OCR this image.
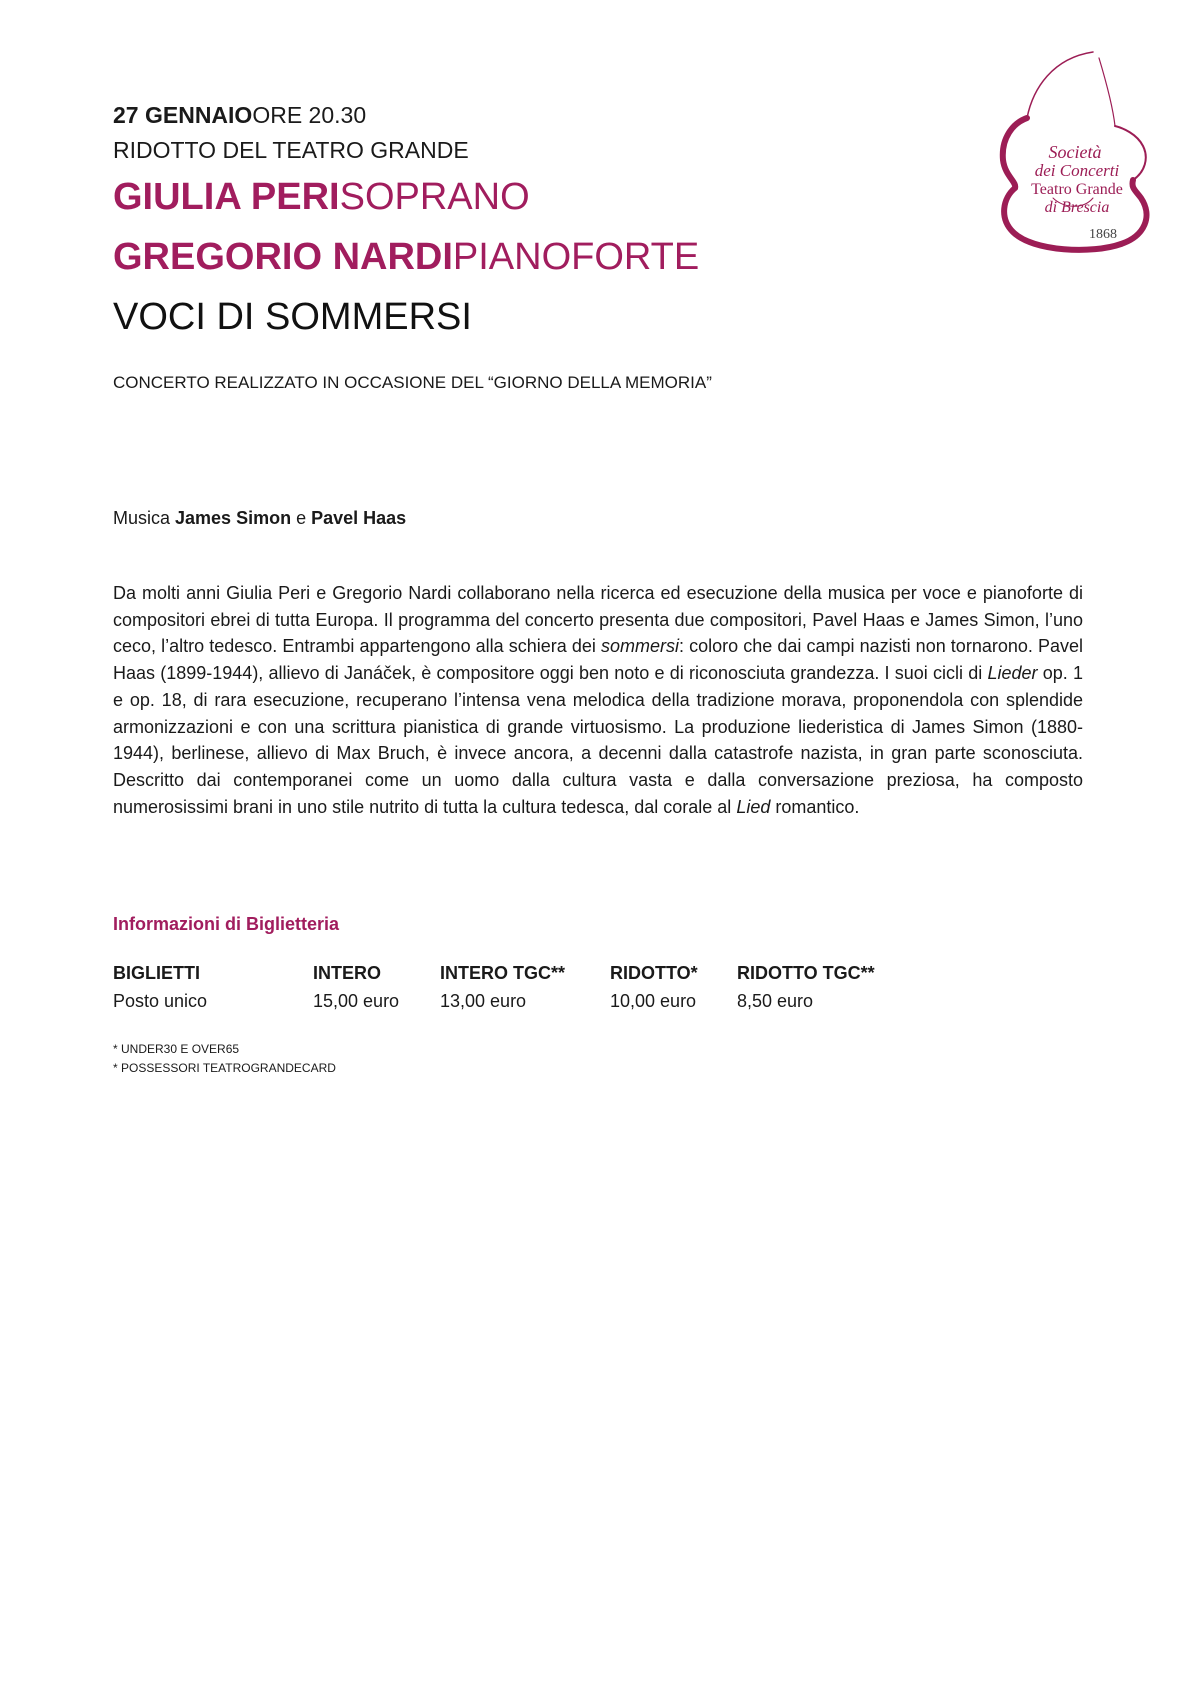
Società
dei Concerti
Teatro Grande
di Brescia
1868
27 GENNAIOORE 20.30
RIDOTTO DEL TEATRO GRANDE
GIULIA PERISOPRANO
GREGORIO NARDIPIANOFORTE
VOCI DI SOMMERSI
CONCERTO REALIZZATO IN OCCASIONE DEL “GIORNO DELLA MEMORIA”
Musica James Simon e Pavel Haas

Da molti anni Giulia Peri e Gregorio Nardi collaborano nella ricerca ed esecuzione della musica per voce e pianoforte di compositori ebrei di tutta Europa. Il programma del concerto presenta due compositori, Pavel Haas e James Simon, l’uno ceco, l’altro tedesco. Entrambi appartengono alla schiera dei sommersi: coloro che dai campi nazisti non tornarono. Pavel Haas (1899-1944), allievo di Janáček, è compositore oggi ben noto e di riconosciuta grandezza. I suoi cicli di Lieder op. 1 e op. 18, di rara esecuzione, recuperano l’intensa vena melodica della tradizione morava, proponendola con splendide armonizzazioni e con una scrittura pianistica di grande virtuosismo. La produzione liederistica di James Simon (1880-1944), berlinese, allievo di Max Bruch, è invece ancora, a decenni dalla catastrofe nazista, in gran parte sconosciuta. Descritto dai contemporanei come un uomo dalla cultura vasta e dalla conversazione preziosa, ha composto numerosissimi brani in uno stile nutrito di tutta la cultura tedesca, dal corale al Lied romantico.

Informazioni di Biglietteria
BIGLIETTI	INTERO	INTERO TGC**	RIDOTTO*	RIDOTTO TGC**
Posto unico	15,00 euro	13,00 euro	10,00 euro	8,50 euro
* UNDER30 E OVER65
* POSSESSORI TEATROGRANDECARD
